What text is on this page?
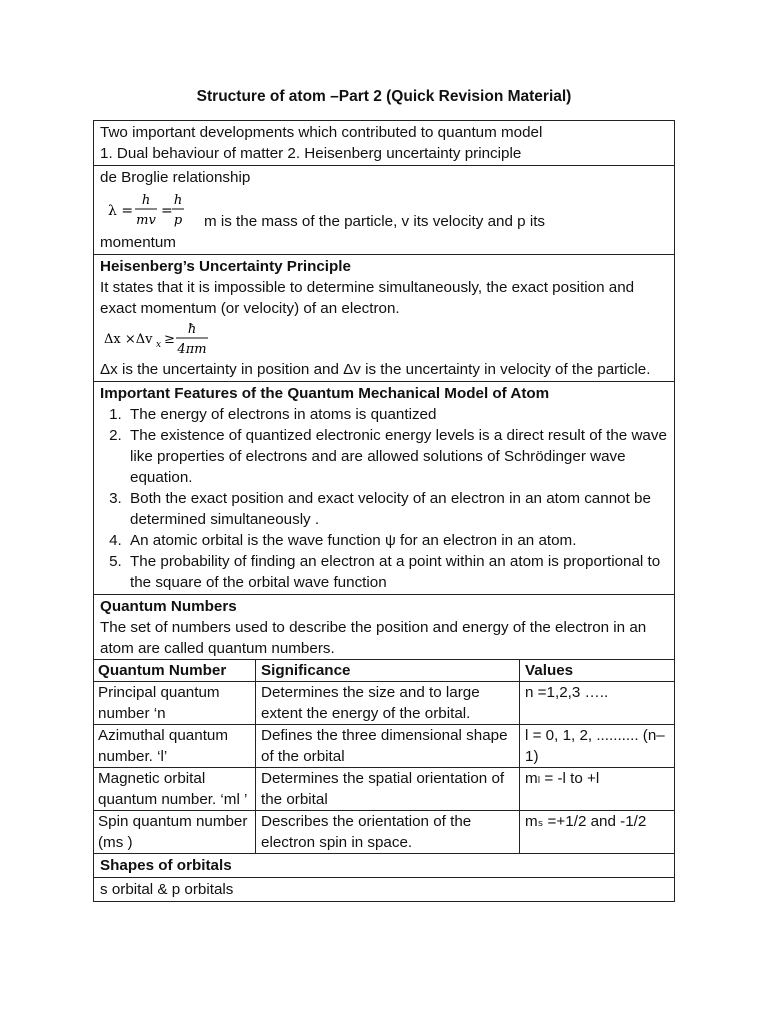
Structure of atom –Part 2 (Quick Revision Material)
Two important developments which contributed to quantum model
1. Dual behaviour of matter 2. Heisenberg uncertainty principle
de Broglie relationship
λ =
h
mv
=
h
p m is the mass of the particle, v its velocity and p its
momentum
Heisenberg’s Uncertainty Principle
It states that it is impossible to determine simultaneously, the exact position and exact momentum (or velocity) of an electron.
Δx ×Δv x ≥
ħ
4πm
Δx is the uncertainty in position and Δv is the uncertainty in velocity of the particle.
Important Features of the Quantum Mechanical Model of Atom
1. The energy of electrons in atoms is quantized
2. The existence of quantized electronic energy levels is a direct result of the wave like properties of electrons and are allowed solutions of Schrödinger wave equation.
3. Both the exact position and exact velocity of an electron in an atom cannot be determined simultaneously .
4. An atomic orbital is the wave function ψ for an electron in an atom.
5. The probability of finding an electron at a point within an atom is proportional to the square of the orbital wave function
Quantum Numbers
The set of numbers used to describe the position and energy of the electron in an atom are called quantum numbers.
Quantum Number	Significance	Values
Principal quantum number ‘n	Determines the size and to large extent the energy of the orbital.	n =1,2,3 …..
Azimuthal quantum number. ‘l’	Defines the three dimensional shape of the orbital	l = 0, 1, 2, .......... (n–1)
Magnetic orbital quantum number. ‘ml ’	Determines the spatial orientation of the orbital	mₗ = -l to +l
Spin quantum number (ms )	Describes the orientation of the electron spin in space.	mₛ =+1/2 and -1/2
Shapes of orbitals
s orbital & p orbitals
